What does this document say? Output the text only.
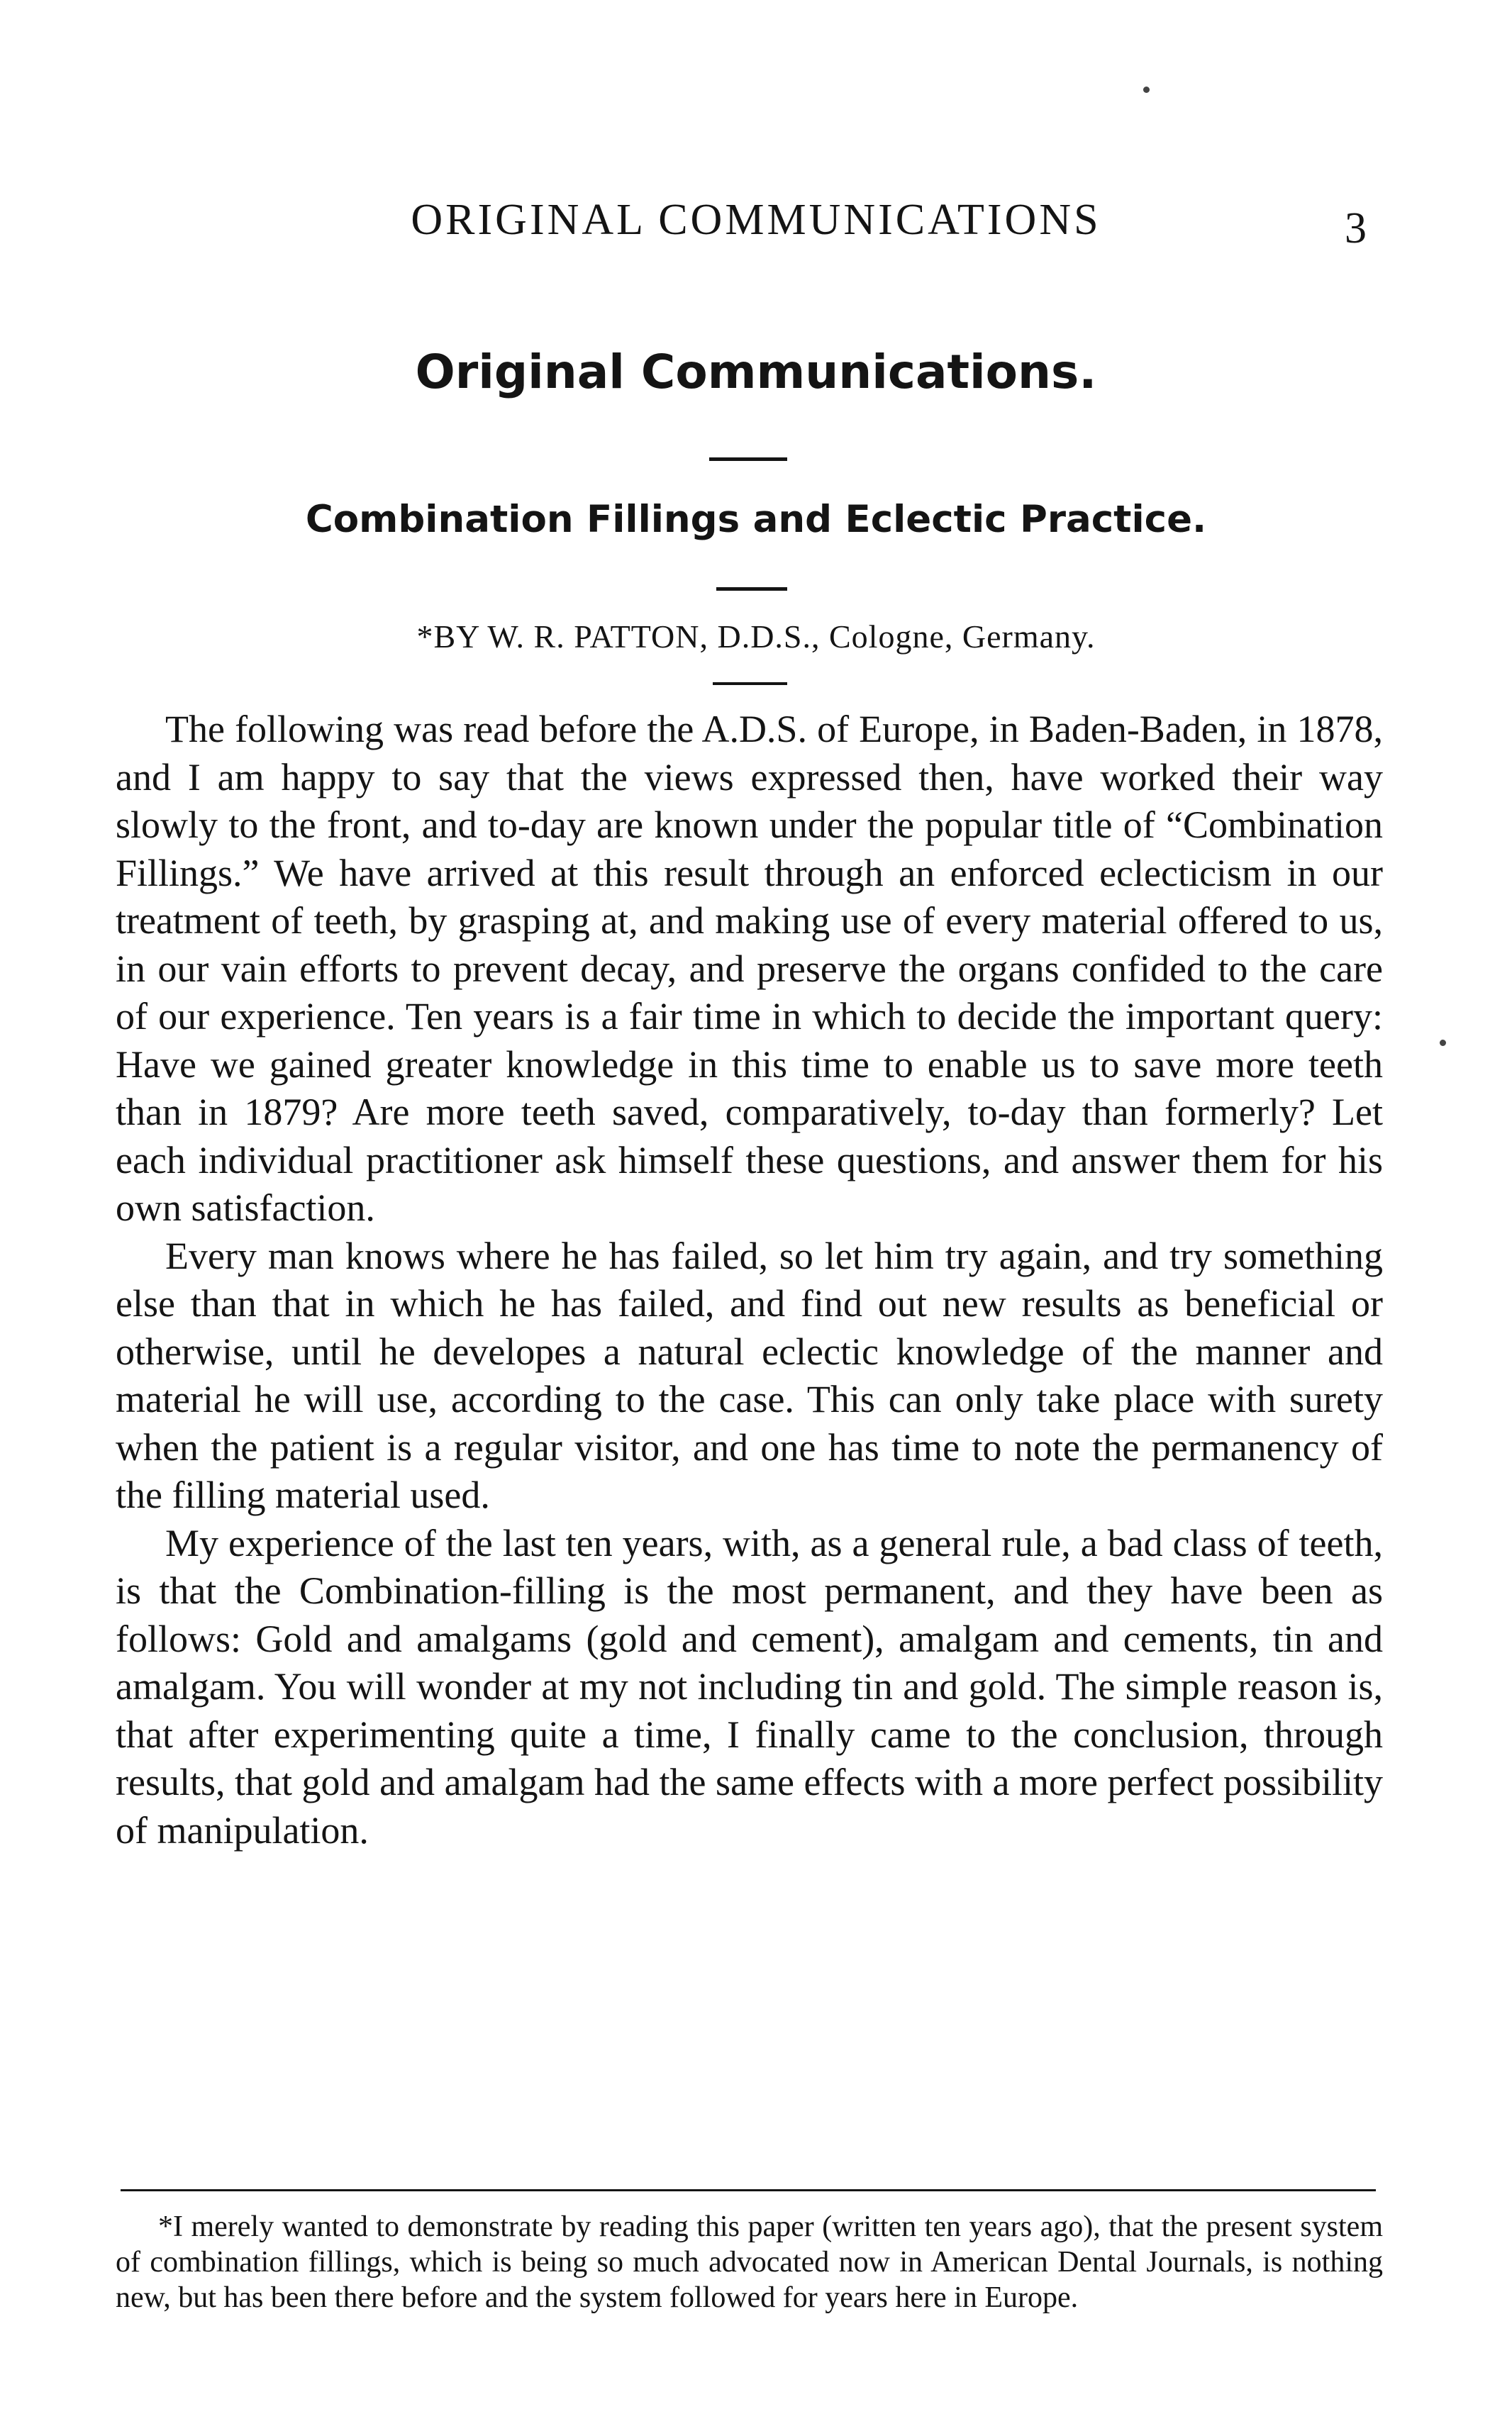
ORIGINAL COMMUNICATIONS	3
Original Communications.
Combination Fillings and Eclectic Practice.
*BY W. R. PATTON, D.D.S., Cologne, Germany.

The following was read before the A.D.S. of Europe, in Baden-Baden, in 1878, and I am happy to say that the views expressed then, have worked their way slowly to the front, and to-day are known under the popular title of “Combination Fillings.” We have arrived at this result through an enforced eclecticism in our treatment of teeth, by grasping at, and making use of every material offered to us, in our vain efforts to prevent decay, and preserve the organs confided to the care of our experience. Ten years is a fair time in which to decide the important query: Have we gained greater knowledge in this time to enable us to save more teeth than in 1879? Are more teeth saved, comparatively, to-day than formerly? Let each individual practitioner ask himself these questions, and answer them for his own satisfaction.

Every man knows where he has failed, so let him try again, and try something else than that in which he has failed, and find out new results as beneficial or otherwise, until he developes a natural eclectic knowledge of the manner and material he will use, according to the case. This can only take place with surety when the patient is a regular visitor, and one has time to note the permanency of the filling material used.

My experience of the last ten years, with, as a general rule, a bad class of teeth, is that the Combination-filling is the most permanent, and they have been as follows: Gold and amalgams (gold and cement), amalgam and cements, tin and amalgam. You will wonder at my not including tin and gold. The simple reason is, that after experimenting quite a time, I finally came to the conclusion, through results, that gold and amalgam had the same effects with a more perfect possibility of manipulation.

*I merely wanted to demonstrate by reading this paper (written ten years ago), that the present system of combination fillings, which is being so much advocated now in American Dental Journals, is nothing new, but has been there before and the system followed for years here in Europe.
